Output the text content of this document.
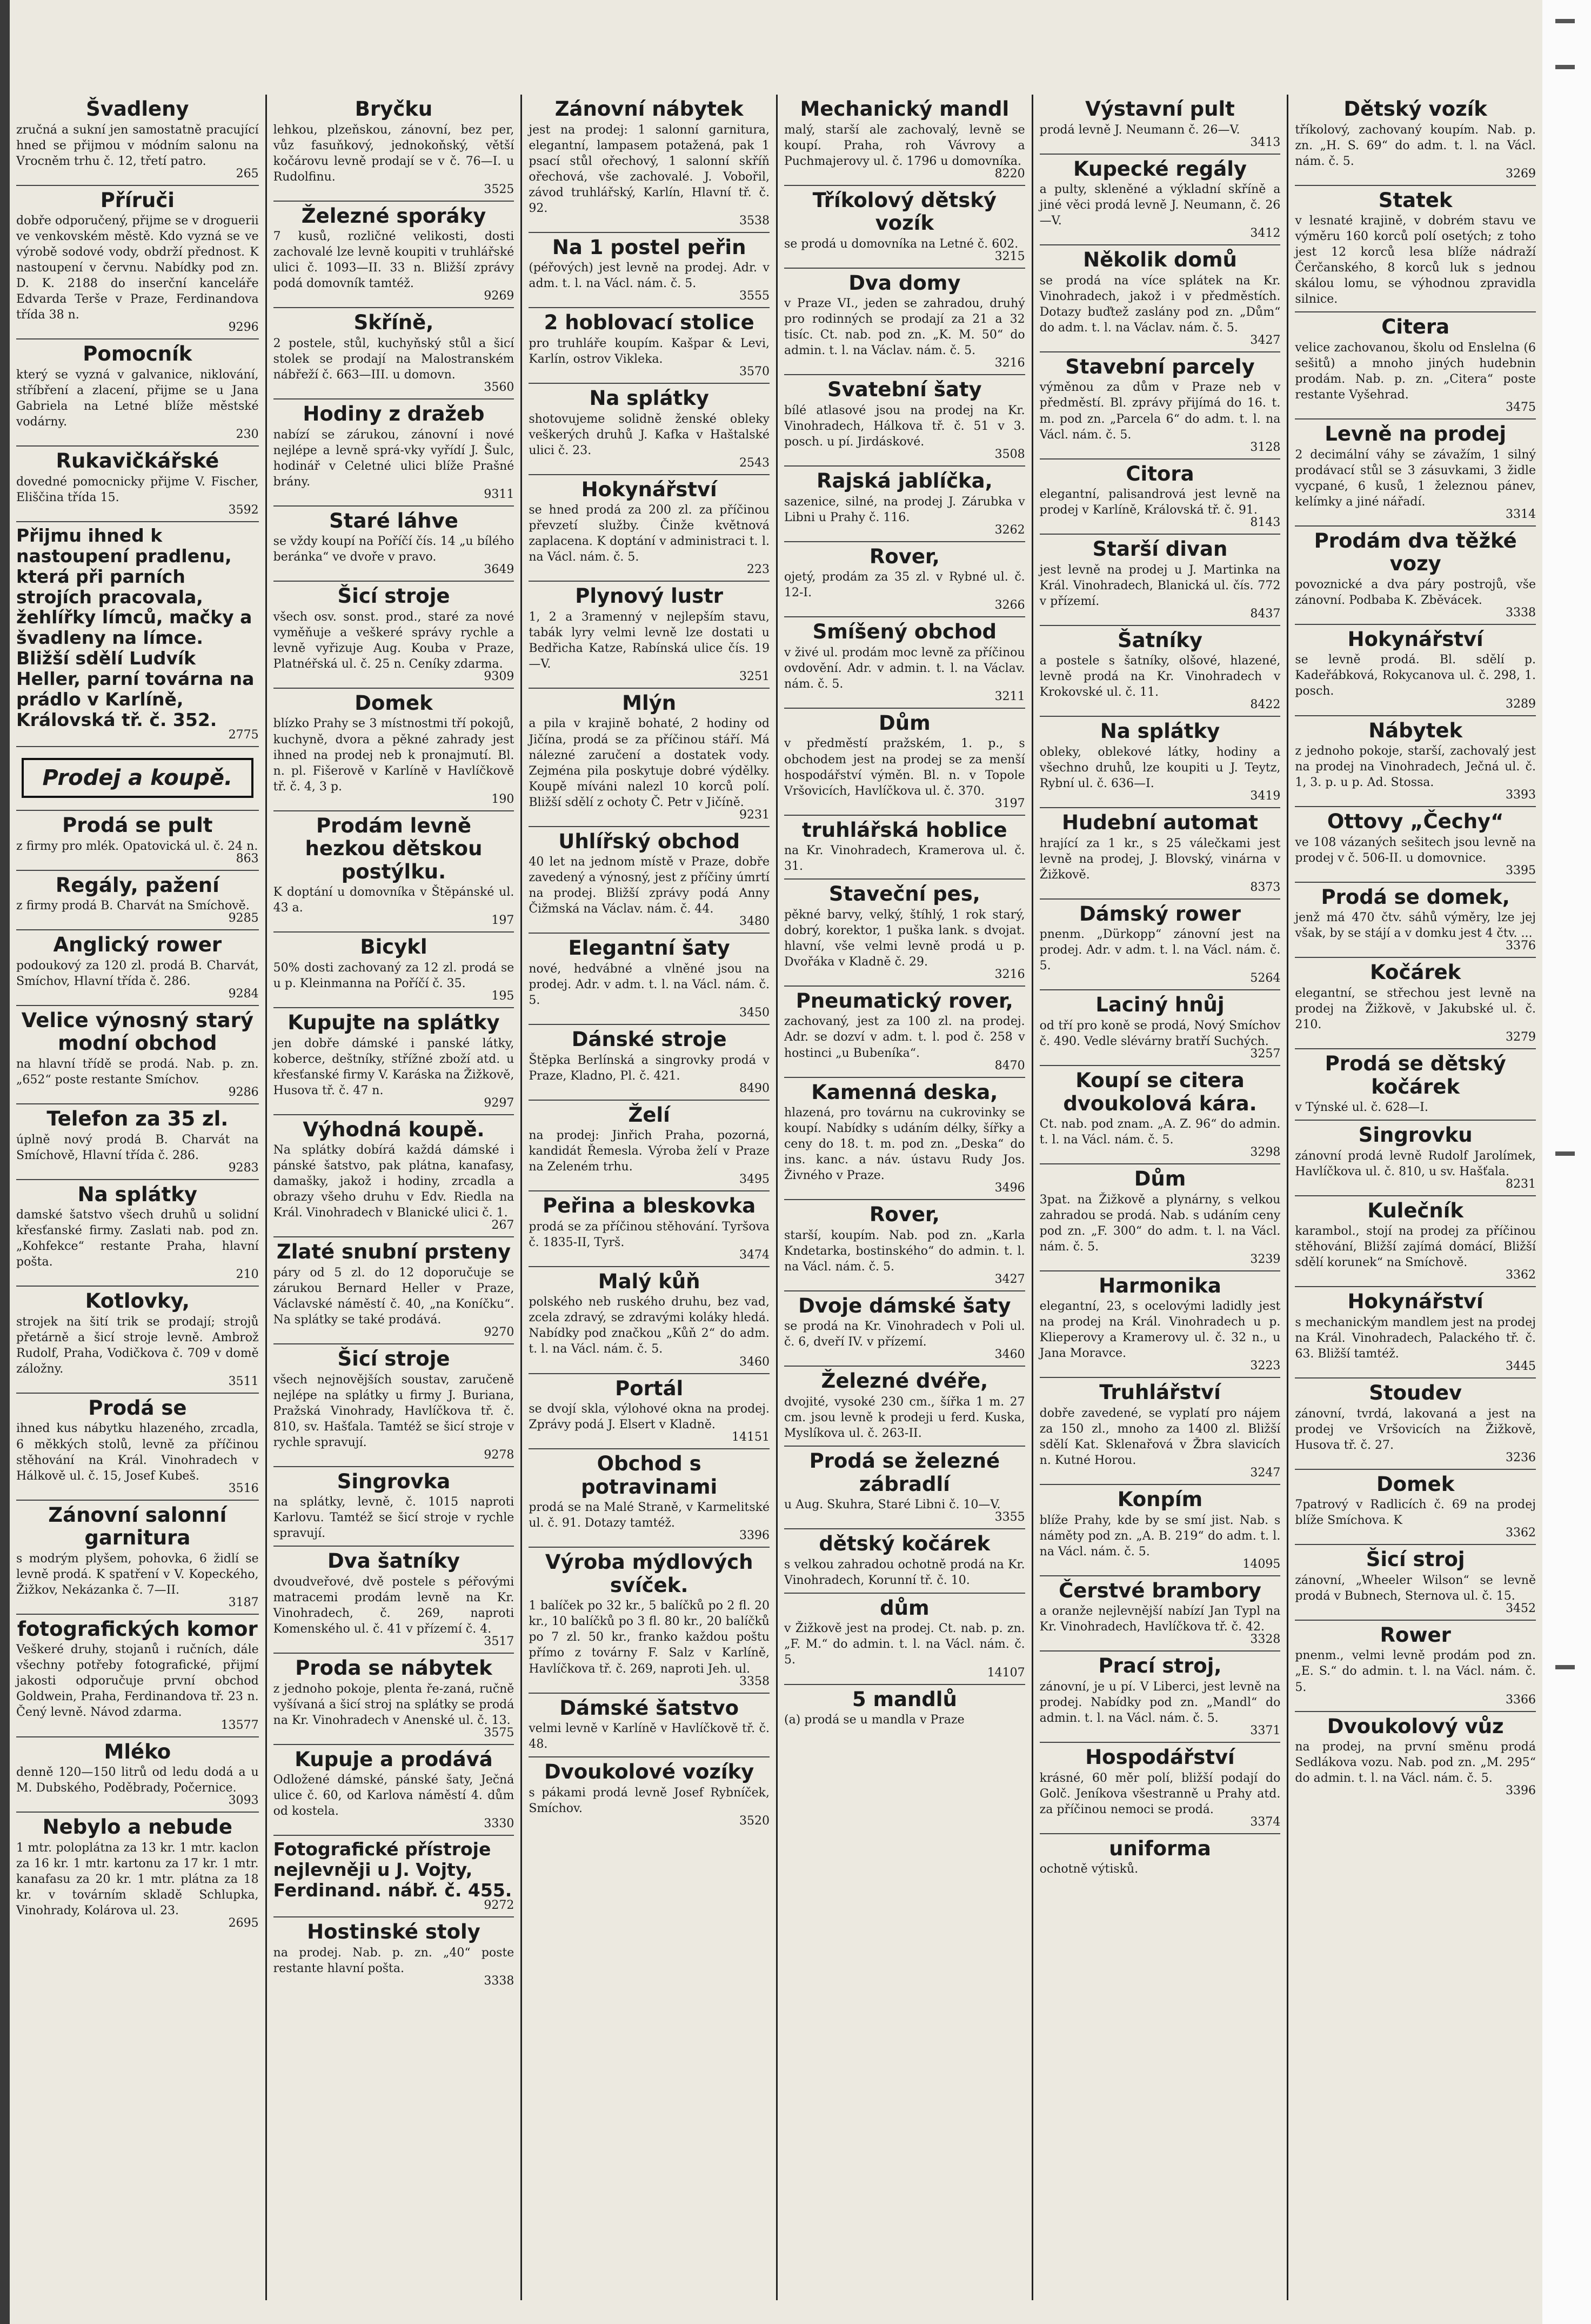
Švadleny

zručná a sukní jen samostatně pracující hned se přijmou v módním salonu na Vrocněm trhu č. 12, třetí patro.

265

Příruči

dobře odporučený, přijme se v droguerii ve venkovském městě. Kdo vyzná se ve výrobě sodové vody, obdrží přednost. K nastoupení v červnu. Nabídky pod zn. D. K. 2188 do inserční kanceláře Edvarda Terše v Praze, Ferdinandova třída 38 n.

9296

Pomocník

který se vyzná v galvanice, niklování, stříbření a zlacení, přijme se u Jana Gabriela na Letné blíže městské vodárny.

230

Rukavičkářské

dovedné pomocnicky přijme V. Fischer, Eliščina třída 15.

3592

Přijmu ihned k nastoupení pradlenu, která při parních strojích pracovala, žehlířky límců, mačky a švadleny na límce. Bližší sdělí Ludvík Heller, parní továrna na prádlo v Karlíně, Královská tř. č. 352.

2775
Prodej a koupě.

Prodá se pult

z firmy pro mlék. Opatovická ul. č. 24 n.

863

Regály, pažení

z firmy prodá B. Charvát na Smíchově.

9285

Anglický rower

podoukový za 120 zl. prodá B. Charvát, Smíchov, Hlavní třída č. 286.

9284

Velice výnosný starý modní obchod

na hlavní třídě se prodá. Nab. p. zn. „652“ poste restante Smíchov.

9286

Telefon za 35 zl.

úplně nový prodá B. Charvát na Smíchově, Hlavní třída č. 286.

9283

Na splátky

damské šatstvo všech druhů u solidní křesťanské firmy. Zaslati nab. pod zn. „Kohfekce“ restante Praha, hlavní pošta.

210

Kotlovky,

strojek na šití trik se prodají; strojů přetárně a šicí stroje levně. Ambrož Rudolf, Praha, Vodičkova č. 709 v domě záložny.

3511

Prodá se

ihned kus nábytku hlazeného, zrcadla, 6 měkkých stolů, levně za příčinou stěhování na Král. Vinohradech v Hálkově ul. č. 15, Josef Kubeš.

3516

Zánovní salonní garnitura

s modrým plyšem, pohovka, 6 židlí se levně prodá. K spatření v V. Kopeckého, Žižkov, Nekázanka č. 7—II.

3187

fotografických komor

Veškeré druhy, stojanů i ručních, dále všechny potřeby fotografické, přijmí jakosti odporučuje první obchod Goldwein, Praha, Ferdinandova tř. 23 n. Čený levně. Návod zdarma.

13577

Mléko

denně 120—150 litrů od ledu dodá a u M. Dubského, Poděbrady, Počernice.

3093

Nebylo a nebude

1 mtr. poloplátna za 13 kr. 1 mtr. kaclon za 16 kr. 1 mtr. kartonu za 17 kr. 1 mtr. kanafasu za 20 kr. 1 mtr. plátna za 18 kr. v továrním skladě Schlupka, Vinohrady, Kolárova ul. 23.

2695

Bryčku

lehkou, plzeňskou, zánovní, bez per, vůz fasuňkový, jednokoňský, větší kočárovu levně prodají se v č. 76—I. u Rudolfinu.

3525

Železné sporáky

7 kusů, rozličné velikosti, dosti zachovalé lze levně koupiti v truhlářské ulici č. 1093—II. 33 n. Bližší zprávy podá domovník tamtéž.

9269

Skříně,

2 postele, stůl, kuchyňský stůl a šicí stolek se prodají na Malostranském nábřeží č. 663—III. u domovn.

3560

Hodiny z dražeb

nabízí se zárukou, zánovní i nové nejlépe a levně sprá-vky vyřídí J. Šulc, hodinář v Celetné ulici blíže Prašné brány.

9311

Staré láhve

se vždy koupí na Poříčí čís. 14 „u bílého beránka“ ve dvoře v pravo.

3649

Šicí stroje

všech osv. sonst. prod., staré za nové vyměňuje a veškeré správy rychle a levně vyřizuje Aug. Kouba v Praze, Platnéřská ul. č. 25 n. Ceníky zdarma.

9309

Domek

blízko Prahy se 3 místnostmi tří pokojů, kuchyně, dvora a pěkné zahrady jest ihned na prodej neb k pronajmutí. Bl. n. pl. Fišerově v Karlíně v Havlíčkově tř. č. 4, 3 p.

190

Prodám levně hezkou dětskou postýlku.

K doptání u domovníka v Štěpánské ul. 43 a.

197

Bicykl

50% dosti zachovaný za 12 zl. prodá se u p. Kleinmanna na Poříčí č. 35.

195

Kupujte na splátky

jen dobře dámské i panské látky, koberce, deštníky, střížné zboží atd. u křesťanské firmy V. Karáska na Žižkově, Husova tř. č. 47 n.

9297

Výhodná koupě.

Na splátky dobírá každá dámské i pánské šatstvo, pak plátna, kanafasy, damašky, jakož i hodiny, zrcadla a obrazy všeho druhu v Edv. Riedla na Král. Vinohradech v Blanické ulici č. 1.

267

Zlaté snubní prsteny

páry od 5 zl. do 12 doporučuje se zárukou Bernard Heller v Praze, Václavské náměstí č. 40, „na Koníčku“. Na splátky se také prodává.

9270

Šicí stroje

všech nejnovějších soustav, zaručeně nejlépe na splátky u firmy J. Buriana, Pražská Vinohrady, Havlíčkova tř. č. 810, sv. Hašťala. Tamtéž se šicí stroje v rychle spravují.

9278

Singrovka

na splátky, levně, č. 1015 naproti Karlovu. Tamtéž se šicí stroje v rychle spravují.

Dva šatníky

dvoudveřové, dvě postele s péřovými matracemi prodám levně na Kr. Vinohradech, č. 269, naproti Komenského ul. č. 41 v přízemí č. 4.

3517

Proda se nábytek

z jednoho pokoje, plenta ře-zaná, ručně vyšívaná a šicí stroj na splátky se prodá na Kr. Vinohradech v Anenské ul. č. 13.

3575

Kupuje a prodává

Odložené dámské, pánské šaty, Ječná ulice č. 60, od Karlova náměstí 4. dům od kostela.

3330

Fotografické přístroje nejlevněji u J. Vojty, Ferdinand. nábř. č. 455.

9272

Hostinské stoly

na prodej. Nab. p. zn. „40“ poste restante hlavní pošta.

3338

Zánovní nábytek

jest na prodej: 1 salonní garnitura, elegantní, lampasem potažená, pak 1 psací stůl ořechový, 1 salonní skříň ořechová, vše zachovalé. J. Vobořil, závod truhlářský, Karlín, Hlavní tř. č. 92.

3538

Na 1 postel peřin

(péřových) jest levně na prodej. Adr. v adm. t. l. na Václ. nám. č. 5.

3555

2 hoblovací stolice

pro truhláře koupím. Kašpar & Levi, Karlín, ostrov Vikleka.

3570

Na splátky

shotovujeme solidně ženské obleky veškerých druhů J. Kafka v Haštalské ulici č. 23.

2543

Hokynářství

se hned prodá za 200 zl. za příčinou převzetí služby. Činže květnová zaplacena. K doptání v administraci t. l. na Václ. nám. č. 5.

223

Plynový lustr

1, 2 a 3ramenný v nejlepším stavu, tabák lyry velmi levně lze dostati u Bedřicha Katze, Rabínská ulice čís. 19—V.

3251

Mlýn

a pila v krajině bohaté, 2 hodiny od Jičína, prodá se za příčinou stáří. Má nálezné zaručení a dostatek vody. Zejména pila poskytuje dobré výdělky. Koupě míváni nalezl 10 korců polí. Bližší sdělí z ochoty Č. Petr v Jičíně.

9231

Uhlířský obchod

40 let na jednom místě v Praze, dobře zavedený a výnosný, jest z příčiny úmrtí na prodej. Bližší zprávy podá Anny Čižmská na Václav. nám. č. 44.

3480

Elegantní šaty

nové, hedvábné a vlněné jsou na prodej. Adr. v adm. t. l. na Václ. nám. č. 5.

3450

Dánské stroje

Štěpka Berlínská a singrovky prodá v Praze, Kladno, Pl. č. 421.

8490

Želí

na prodej: Jinřich Praha, pozorná, kandidát Řemesla. Výroba želí v Praze na Zeleném trhu.

3495

Peřina a bleskovka

prodá se za příčinou stěhování. Tyršova č. 1835-II, Tyrš.

3474

Malý kůň

polského neb ruského druhu, bez vad, zcela zdravý, se zdravými koláky hledá. Nabídky pod značkou „Kůň 2“ do adm. t. l. na Václ. nám. č. 5.

3460

Portál

se dvojí skla, výlohové okna na prodej. Zprávy podá J. Elsert v Kladně.

14151

Obchod s potravinami

prodá se na Malé Straně, v Karmelitské ul. č. 91. Dotazy tamtéž.

3396

Výroba mýdlových svíček.

1 balíček po 32 kr., 5 balíčků po 2 fl. 20 kr., 10 balíčků po 3 fl. 80 kr., 20 balíčků po 7 zl. 50 kr., franko každou poštu přímo z továrny F. Salz v Karlíně, Havlíčkova tř. č. 269, naproti Jeh. ul.

3358

Dámské šatstvo

velmi levně v Karlíně v Havlíčkově tř. č. 48.

Dvoukolové vozíky

s pákami prodá levně Josef Rybníček, Smíchov.

3520

Mechanický mandl

malý, starší ale zachovalý, levně se koupí. Praha, roh Vávrovy a Puchmajerovy ul. č. 1796 u domovníka.

8220

Tříkolový dětský vozík

se prodá u domovníka na Letné č. 602.

3215

Dva domy

v Praze VI., jeden se zahradou, druhý pro rodinných se prodají za 21 a 32 tisíc. Ct. nab. pod zn. „K. M. 50“ do admin. t. l. na Václav. nám. č. 5.

3216

Svatební šaty

bílé atlasové jsou na prodej na Kr. Vinohradech, Hálkova tř. č. 51 v 3. posch. u pí. Jirdáskové.

3508

Rajská jablíčka,

sazenice, silné, na prodej J. Zárubka v Libni u Prahy č. 116.

3262

Rover,

ojetý, prodám za 35 zl. v Rybné ul. č. 12-I.

3266

Smíšený obchod

v živé ul. prodám moc levně za příčinou ovdovění. Adr. v admin. t. l. na Václav. nám. č. 5.

3211

Dům

v předměstí pražském, 1. p., s obchodem jest na prodej se za menší hospodářství výměn. Bl. n. v Topole Vršovicích, Havlíčkova ul. č. 370.

3197

truhlářská hoblice

na Kr. Vinohradech, Kramerova ul. č. 31.

Staveční pes,

pěkné barvy, velký, štíhlý, 1 rok starý, dobrý, korektor, 1 puška lank. s dvojat. hlavní, vše velmi levně prodá u p. Dvořáka v Kladně č. 29.

3216

Pneumatický rover,

zachovaný, jest za 100 zl. na prodej. Adr. se dozví v adm. t. l. pod č. 258 v hostinci „u Bubeníka“.

8470

Kamenná deska,

hlazená, pro továrnu na cukrovinky se koupí. Nabídky s udáním délky, šířky a ceny do 18. t. m. pod zn. „Deska“ do ins. kanc. a náv. ústavu Rudy Jos. Živného v Praze.

3496

Rover,

starší, koupím. Nab. pod zn. „Karla Kndetarka, bostinského“ do admin. t. l. na Václ. nám. č. 5.

3427

Dvoje dámské šaty

se prodá na Kr. Vinohradech v Poli ul. č. 6, dveří IV. v přízemí.

3460

Železné dvéře,

dvojité, vysoké 230 cm., šířka 1 m. 27 cm. jsou levně k prodeji u ferd. Kuska, Myslíkova ul. č. 263-II.

Prodá se železné zábradlí

u Aug. Skuhra, Staré Libni č. 10—V.

3355

dětský kočárek

s velkou zahradou ochotně prodá na Kr. Vinohradech, Korunní tř. č. 10.

dům

v Žižkově jest na prodej. Ct. nab. p. zn. „F. M.“ do admin. t. l. na Václ. nám. č. 5.

14107

5 mandlů

(a) prodá se u mandla v Praze

Výstavní pult

prodá levně J. Neumann č. 26—V.

3413

Kupecké regály

a pulty, skleněné a výkladní skříně a jiné věci prodá levně J. Neumann, č. 26—V.

3412

Několik domů

se prodá na více splátek na Kr. Vinohradech, jakož i v předměstích. Dotazy buďtež zaslány pod zn. „Dům“ do adm. t. l. na Václav. nám. č. 5.

3427

Stavební parcely

výměnou za dům v Praze neb v předměstí. Bl. zprávy přijímá do 16. t. m. pod zn. „Parcela 6“ do adm. t. l. na Václ. nám. č. 5.

3128

Citora

elegantní, palisandrová jest levně na prodej v Karlíně, Královská tř. č. 91.

8143

Starší divan

jest levně na prodej u J. Martinka na Král. Vinohradech, Blanická ul. čís. 772 v přízemí.

8437

Šatníky

a postele s šatníky, olšové, hlazené, levně prodá na Kr. Vinohradech v Krokovské ul. č. 11.

8422

Na splátky

obleky, oblekové látky, hodiny a všechno druhů, lze koupiti u J. Teytz, Rybní ul. č. 636—I.

3419

Hudební automat

hrající za 1 kr., s 25 válečkami jest levně na prodej, J. Blovský, vinárna v Žižkově.

8373

Dámský rower

pnenm. „Dürkopp“ zánovní jest na prodej. Adr. v adm. t. l. na Václ. nám. č. 5.

5264

Laciný hnůj

od tří pro koně se prodá, Nový Smíchov č. 490. Vedle slévárny bratří Suchých.

3257

Koupí se citera dvoukolová kára.

Ct. nab. pod znam. „A. Z. 96“ do admin. t. l. na Václ. nám. č. 5.

3298

Dům

3pat. na Žižkově a plynárny, s velkou zahradou se prodá. Nab. s udáním ceny pod zn. „F. 300“ do adm. t. l. na Václ. nám. č. 5.

3239

Harmonika

elegantní, 23, s ocelovými ladidly jest na prodej na Král. Vinohradech u p. Klieperovy a Kramerovy ul. č. 32 n., u Jana Moravce.

3223

Truhlářství

dobře zavedené, se vyplatí pro nájem za 150 zl., mnoho za 1400 zl. Bližší sdělí Kat. Sklenařová v Žbra slavicích n. Kutné Horou.

3247

Konpím

blíže Prahy, kde by se smí jist. Nab. s náměty pod zn. „A. B. 219“ do adm. t. l. na Václ. nám. č. 5.

14095

Čerstvé brambory

a oranže nejlevnější nabízí Jan Typl na Kr. Vinohradech, Havlíčkova tř. č. 42.

3328

Prací stroj,

zánovní, je u pí. V Liberci, jest levně na prodej. Nabídky pod zn. „Mandl“ do admin. t. l. na Václ. nám. č. 5.

3371

Hospodářství

krásné, 60 měr polí, bližší podají do Golč. Jeníkova všestranně u Prahy atd. za příčinou nemoci se prodá.

3374

uniforma

ochotně výtisků.

Dětský vozík

tříkolový, zachovaný koupím. Nab. p. zn. „H. S. 69“ do adm. t. l. na Václ. nám. č. 5.

3269

Statek

v lesnaté krajině, v dobrém stavu ve výměru 160 korců polí osetých; z toho jest 12 korců lesa blíže nádraží Čerčanského, 8 korců luk s jednou skálou lomu, se výhodnou zpravidla silnice.

Citera

velice zachovanou, školu od Enslelna (6 sešitů) a mnoho jiných hudebnin prodám. Nab. p. zn. „Citera“ poste restante Vyšehrad.

3475

Levně na prodej

2 decimální váhy se závažím, 1 silný prodávací stůl se 3 zásuvkami, 3 židle vycpané, 6 kusů, 1 železnou pánev, kelímky a jiné nářadí.

3314

Prodám dva těžké vozy

povoznické a dva páry postrojů, vše zánovní. Podbaba K. Zběvácek.

3338

Hokynářství

se levně prodá. Bl. sdělí p. Kadeřábková, Rokycanova ul. č. 298, 1. posch.

3289

Nábytek

z jednoho pokoje, starší, zachovalý jest na prodej na Vinohradech, Ječná ul. č. 1, 3. p. u p. Ad. Stossa.

3393

Ottovy „Čechy“

ve 108 vázaných sešitech jsou levně na prodej v č. 506-II. u domovnice.

3395

Prodá se domek,

jenž má 470 čtv. sáhů výměry, lze jej však, by se stájí a v domku jest 4 čtv. ...

3376

Kočárek

elegantní, se střechou jest levně na prodej na Žižkově, v Jakubské ul. č. 210.

3279

Prodá se dětský kočárek

v Týnské ul. č. 628—I.

Singrovku

zánovní prodá levně Rudolf Jarolímek, Havlíčkova ul. č. 810, u sv. Hašťala.

8231

Kulečník

karambol., stojí na prodej za příčinou stěhování, Bližší zajímá domácí, Bližší sdělí korunek“ na Smíchově.

3362

Hokynářství

s mechanickým mandlem jest na prodej na Král. Vinohradech, Palackého tř. č. 63. Bližší tamtéž.

3445

Stoudev

zánovní, tvrdá, lakovaná a jest na prodej ve Vršovicích na Žižkově, Husova tř. č. 27.

3236

Domek

7patrový v Radlicích č. 69 na prodej blíže Smíchova. K

3362

Šicí stroj

zánovní, „Wheeler Wilson“ se levně prodá v Bubnech, Sternova ul. č. 15.

3452

Rower

pnenm., velmi levně prodám pod zn. „E. S.“ do admin. t. l. na Václ. nám. č. 5.

3366

Dvoukolový vůz

na prodej, na první směnu prodá Sedlákova vozu. Nab. pod zn. „M. 295“ do admin. t. l. na Václ. nám. č. 5.

3396
